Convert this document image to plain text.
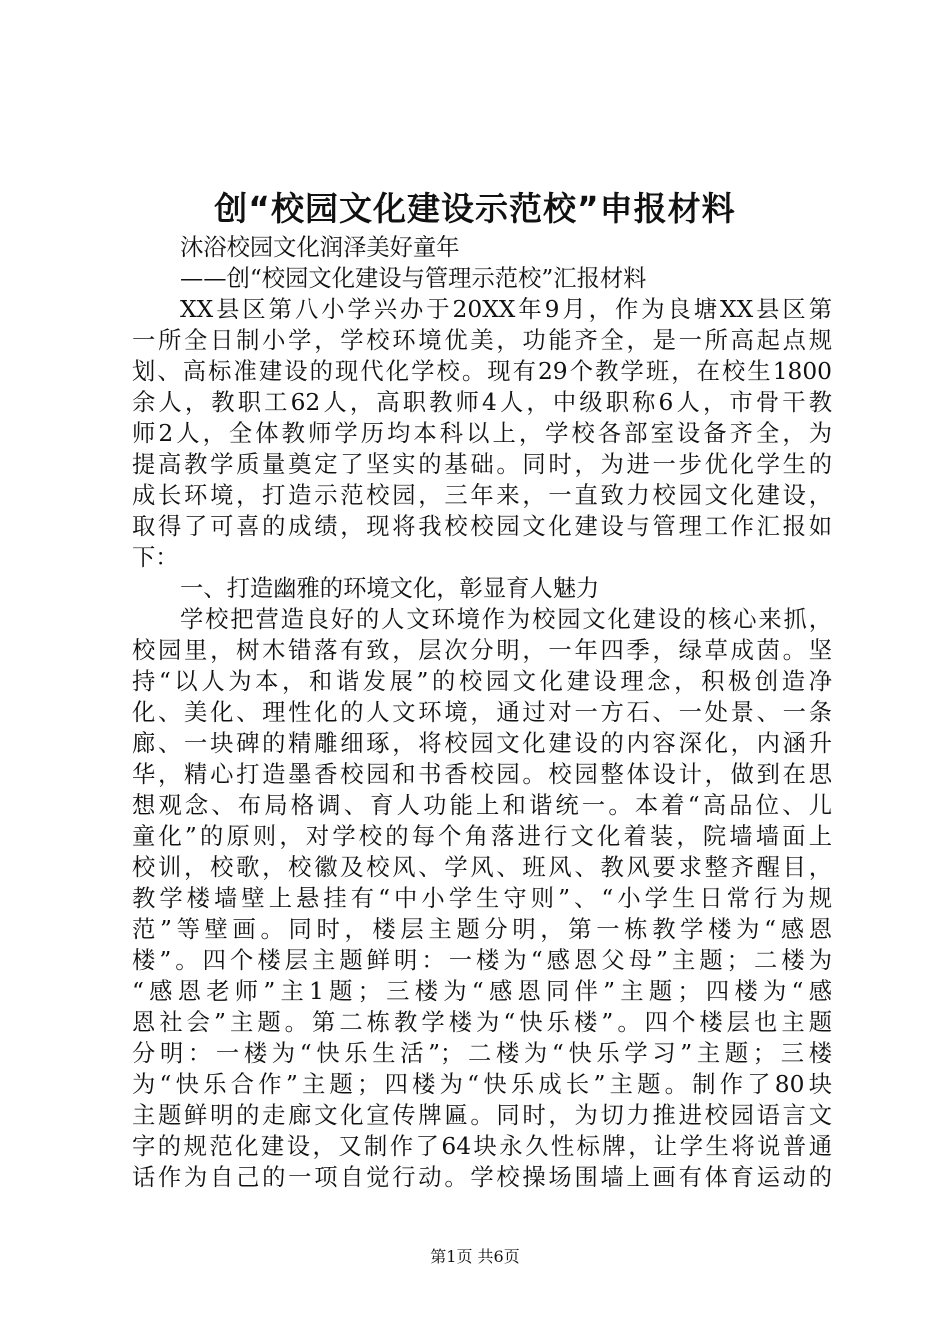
创“校园文化建设示范校”申报材料
沐浴校园文化润泽美好童年
——创“校园文化建设与管理示范校”汇报材料
XX县区第八小学兴办于20XX年9月，作为良塘XX县区第
一所全日制小学，学校环境优美，功能齐全，是一所高起点规
划、高标准建设的现代化学校。现有29个教学班，在校生1800
余人，教职工62人，高职教师4人，中级职称6人，市骨干教
师2人，全体教师学历均本科以上，学校各部室设备齐全，为
提高教学质量奠定了坚实的基础。同时，为进一步优化学生的
成长环境，打造示范校园，三年来，一直致力校园文化建设，
取得了可喜的成绩，现将我校校园文化建设与管理工作汇报如
下：
一、打造幽雅的环境文化，彰显育人魅力
学校把营造良好的人文环境作为校园文化建设的核心来抓，
校园里，树木错落有致，层次分明，一年四季，绿草成茵。坚
持“以人为本，和谐发展”的校园文化建设理念，积极创造净
化、美化、理性化的人文环境，通过对一方石、一处景、一条
廊、一块碑的精雕细琢，将校园文化建设的内容深化，内涵升
华，精心打造墨香校园和书香校园。校园整体设计，做到在思
想观念、布局格调、育人功能上和谐统一。本着“高品位、儿
童化”的原则，对学校的每个角落进行文化着装，院墙墙面上
校训，校歌，校徽及校风、学风、班风、教风要求整齐醒目，
教学楼墙壁上悬挂有“中小学生守则”、“小学生日常行为规
范”等壁画。同时，楼层主题分明，第一栋教学楼为“感恩
楼”。四个楼层主题鲜明：一楼为“感恩父母”主题；二楼为
“感恩老师”主1题；三楼为“感恩同伴”主题；四楼为“感
恩社会”主题。第二栋教学楼为“快乐楼”。四个楼层也主题
分明：一楼为“快乐生活”；二楼为“快乐学习”主题；三楼
为“快乐合作”主题；四楼为“快乐成长”主题。制作了80块
主题鲜明的走廊文化宣传牌匾。同时，为切力推进校园语言文
字的规范化建设，又制作了64块永久性标牌，让学生将说普通
话作为自己的一项自觉行动。学校操场围墙上画有体育运动的
第1页 共6页
